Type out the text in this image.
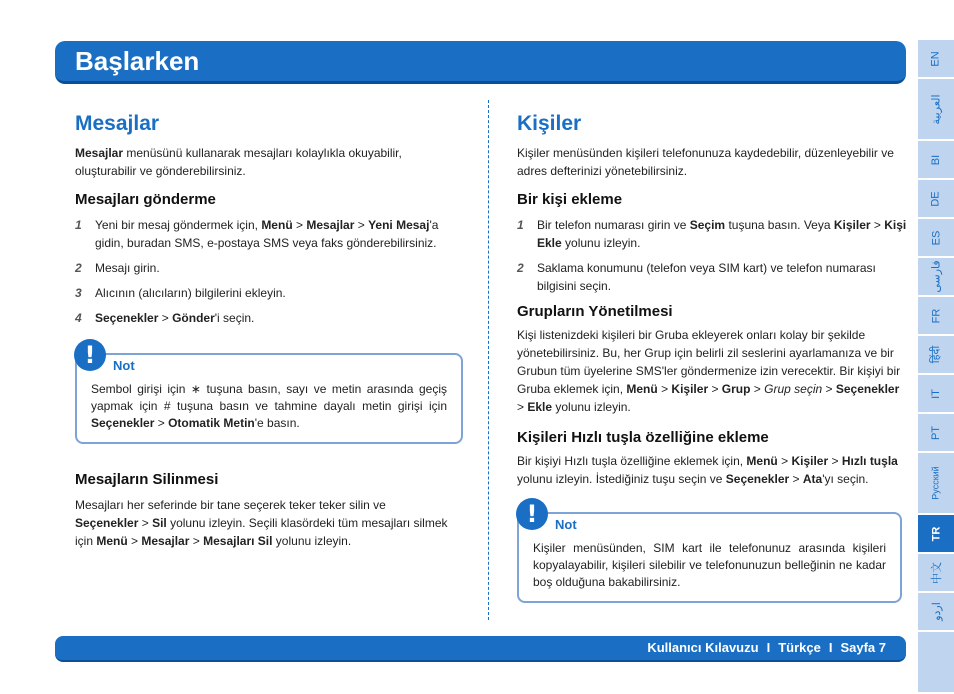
Başlarken	EN
العربية
BI
DE
ES
فارسی
FR
हिंदी
IT
PT
Русский
TR
中文
اردو
Mesajlar

Mesajlar menüsünü kullanarak mesajları kolaylıkla okuyabilir, oluşturabilir ve gönderebilirsiniz.

Mesajları gönderme
1 Yeni bir mesaj göndermek için, Menü > Mesajlar > Yeni Mesaj'a gidin, buradan SMS, e-postaya SMS veya faks gönderebilirsiniz.
2 Mesajı girin.
3 Alıcının (alıcıların) bilgilerini ekleyin.
4 Seçenekler > Gönder'i seçin.
!	Not

Sembol girişi için ∗ tuşuna basın, sayı ve metin arasında geçiş yapmak için # tuşuna basın ve tahmine dayalı metin girişi için Seçenekler > Otomatik Metin'e basın.

Mesajların Silinmesi

Mesajları her seferinde bir tane seçerek teker teker silin ve Seçenekler > Sil yolunu izleyin. Seçili klasördeki tüm mesajları silmek için Menü > Mesajlar > Mesajları Sil yolunu izleyin.

Kişiler

Kişiler menüsünden kişileri telefonunuza kaydedebilir, düzenleyebilir ve adres defterinizi yönetebilirsiniz.

Bir kişi ekleme
1 Bir telefon numarası girin ve Seçim tuşuna basın. Veya Kişiler > Kişi Ekle yolunu izleyin.
2 Saklama konumunu (telefon veya SIM kart) ve telefon numarası bilgisini seçin.
Grupların Yönetilmesi

Kişi listenizdeki kişileri bir Gruba ekleyerek onları kolay bir şekilde yönetebilirsiniz. Bu, her Grup için belirli zil seslerini ayarlamanıza ve bir Grubun tüm üyelerine SMS'ler göndermenize izin verecektir. Bir kişiyi bir Gruba eklemek için, Menü > Kişiler > Grup > Grup seçin > Seçenekler > Ekle yolunu izleyin.

Kişileri Hızlı tuşla özelliğine ekleme

Bir kişiyi Hızlı tuşla özelliğine eklemek için, Menü > Kişiler > Hızlı tuşla yolunu izleyin. İstediğiniz tuşu seçin ve Seçenekler > Ata'yı seçin.

!	Not

Kişiler menüsünden, SIM kart ile telefonunuz arasında kişileri kopyalayabilir, kişileri silebilir ve telefonunuzun belleğinin ne kadar boş olduğuna bakabilirsiniz.

Kullanıcı Kılavuzu I Türkçe I Sayfa 7
